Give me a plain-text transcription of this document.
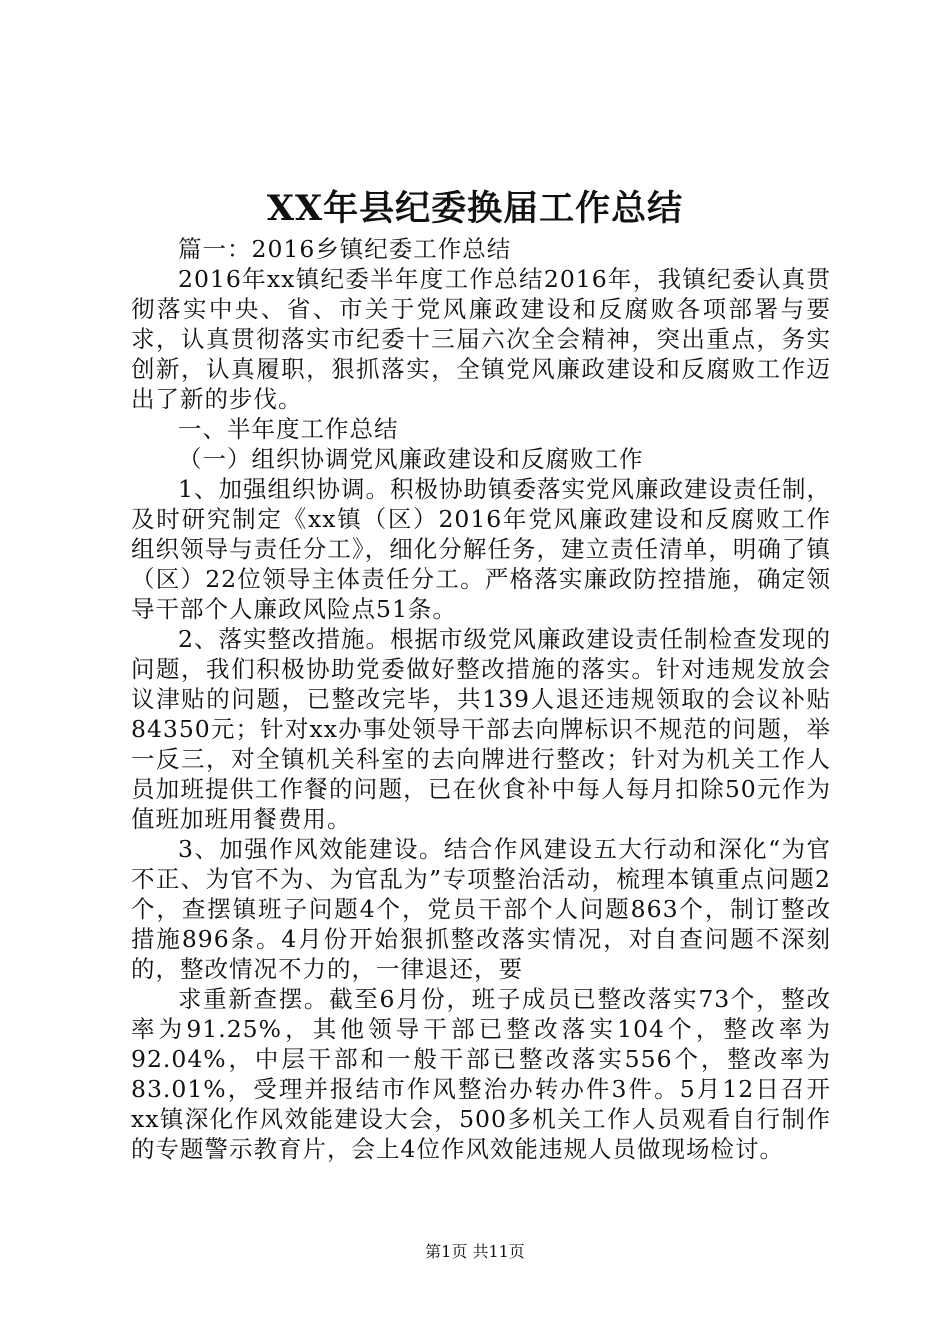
XX年县纪委换届工作总结

篇一：2016乡镇纪委工作总结

2016年xx镇纪委半年度工作总结2016年，我镇纪委认真贯彻落实中央、省、市关于党风廉政建设和反腐败各项部署与要求，认真贯彻落实市纪委十三届六次全会精神，突出重点，务实创新，认真履职，狠抓落实，全镇党风廉政建设和反腐败工作迈出了新的步伐。

一、半年度工作总结

（一）组织协调党风廉政建设和反腐败工作

1、加强组织协调。积极协助镇委落实党风廉政建设责任制，及时研究制定《xx镇（区）2016年党风廉政建设和反腐败工作组织领导与责任分工》，细化分解任务，建立责任清单，明确了镇（区）22位领导主体责任分工。严格落实廉政防控措施，确定领导干部个人廉政风险点51条。

2、落实整改措施。根据市级党风廉政建设责任制检查发现的问题，我们积极协助党委做好整改措施的落实。针对违规发放会议津贴的问题，已整改完毕，共139人退还违规领取的会议补贴84350元；针对xx办事处领导干部去向牌标识不规范的问题，举一反三，对全镇机关科室的去向牌进行整改；针对为机关工作人员加班提供工作餐的问题，已在伙食补中每人每月扣除50元作为值班加班用餐费用。

3、加强作风效能建设。结合作风建设五大行动和深化“为官不正、为官不为、为官乱为”专项整治活动，梳理本镇重点问题2个，查摆镇班子问题4个，党员干部个人问题863个，制订整改措施896条。4月份开始狠抓整改落实情况，对自查问题不深刻的，整改情况不力的，一律退还，要

求重新查摆。截至6月份，班子成员已整改落实73个，整改率为91.25%，其他领导干部已整改落实104个，整改率为92.04%，中层干部和一般干部已整改落实556个，整改率为83.01%，受理并报结市作风整治办转办件3件。5月12日召开xx镇深化作风效能建设大会，500多机关工作人员观看自行制作的专题警示教育片，会上4位作风效能违规人员做现场检讨。

第1页 共11页
